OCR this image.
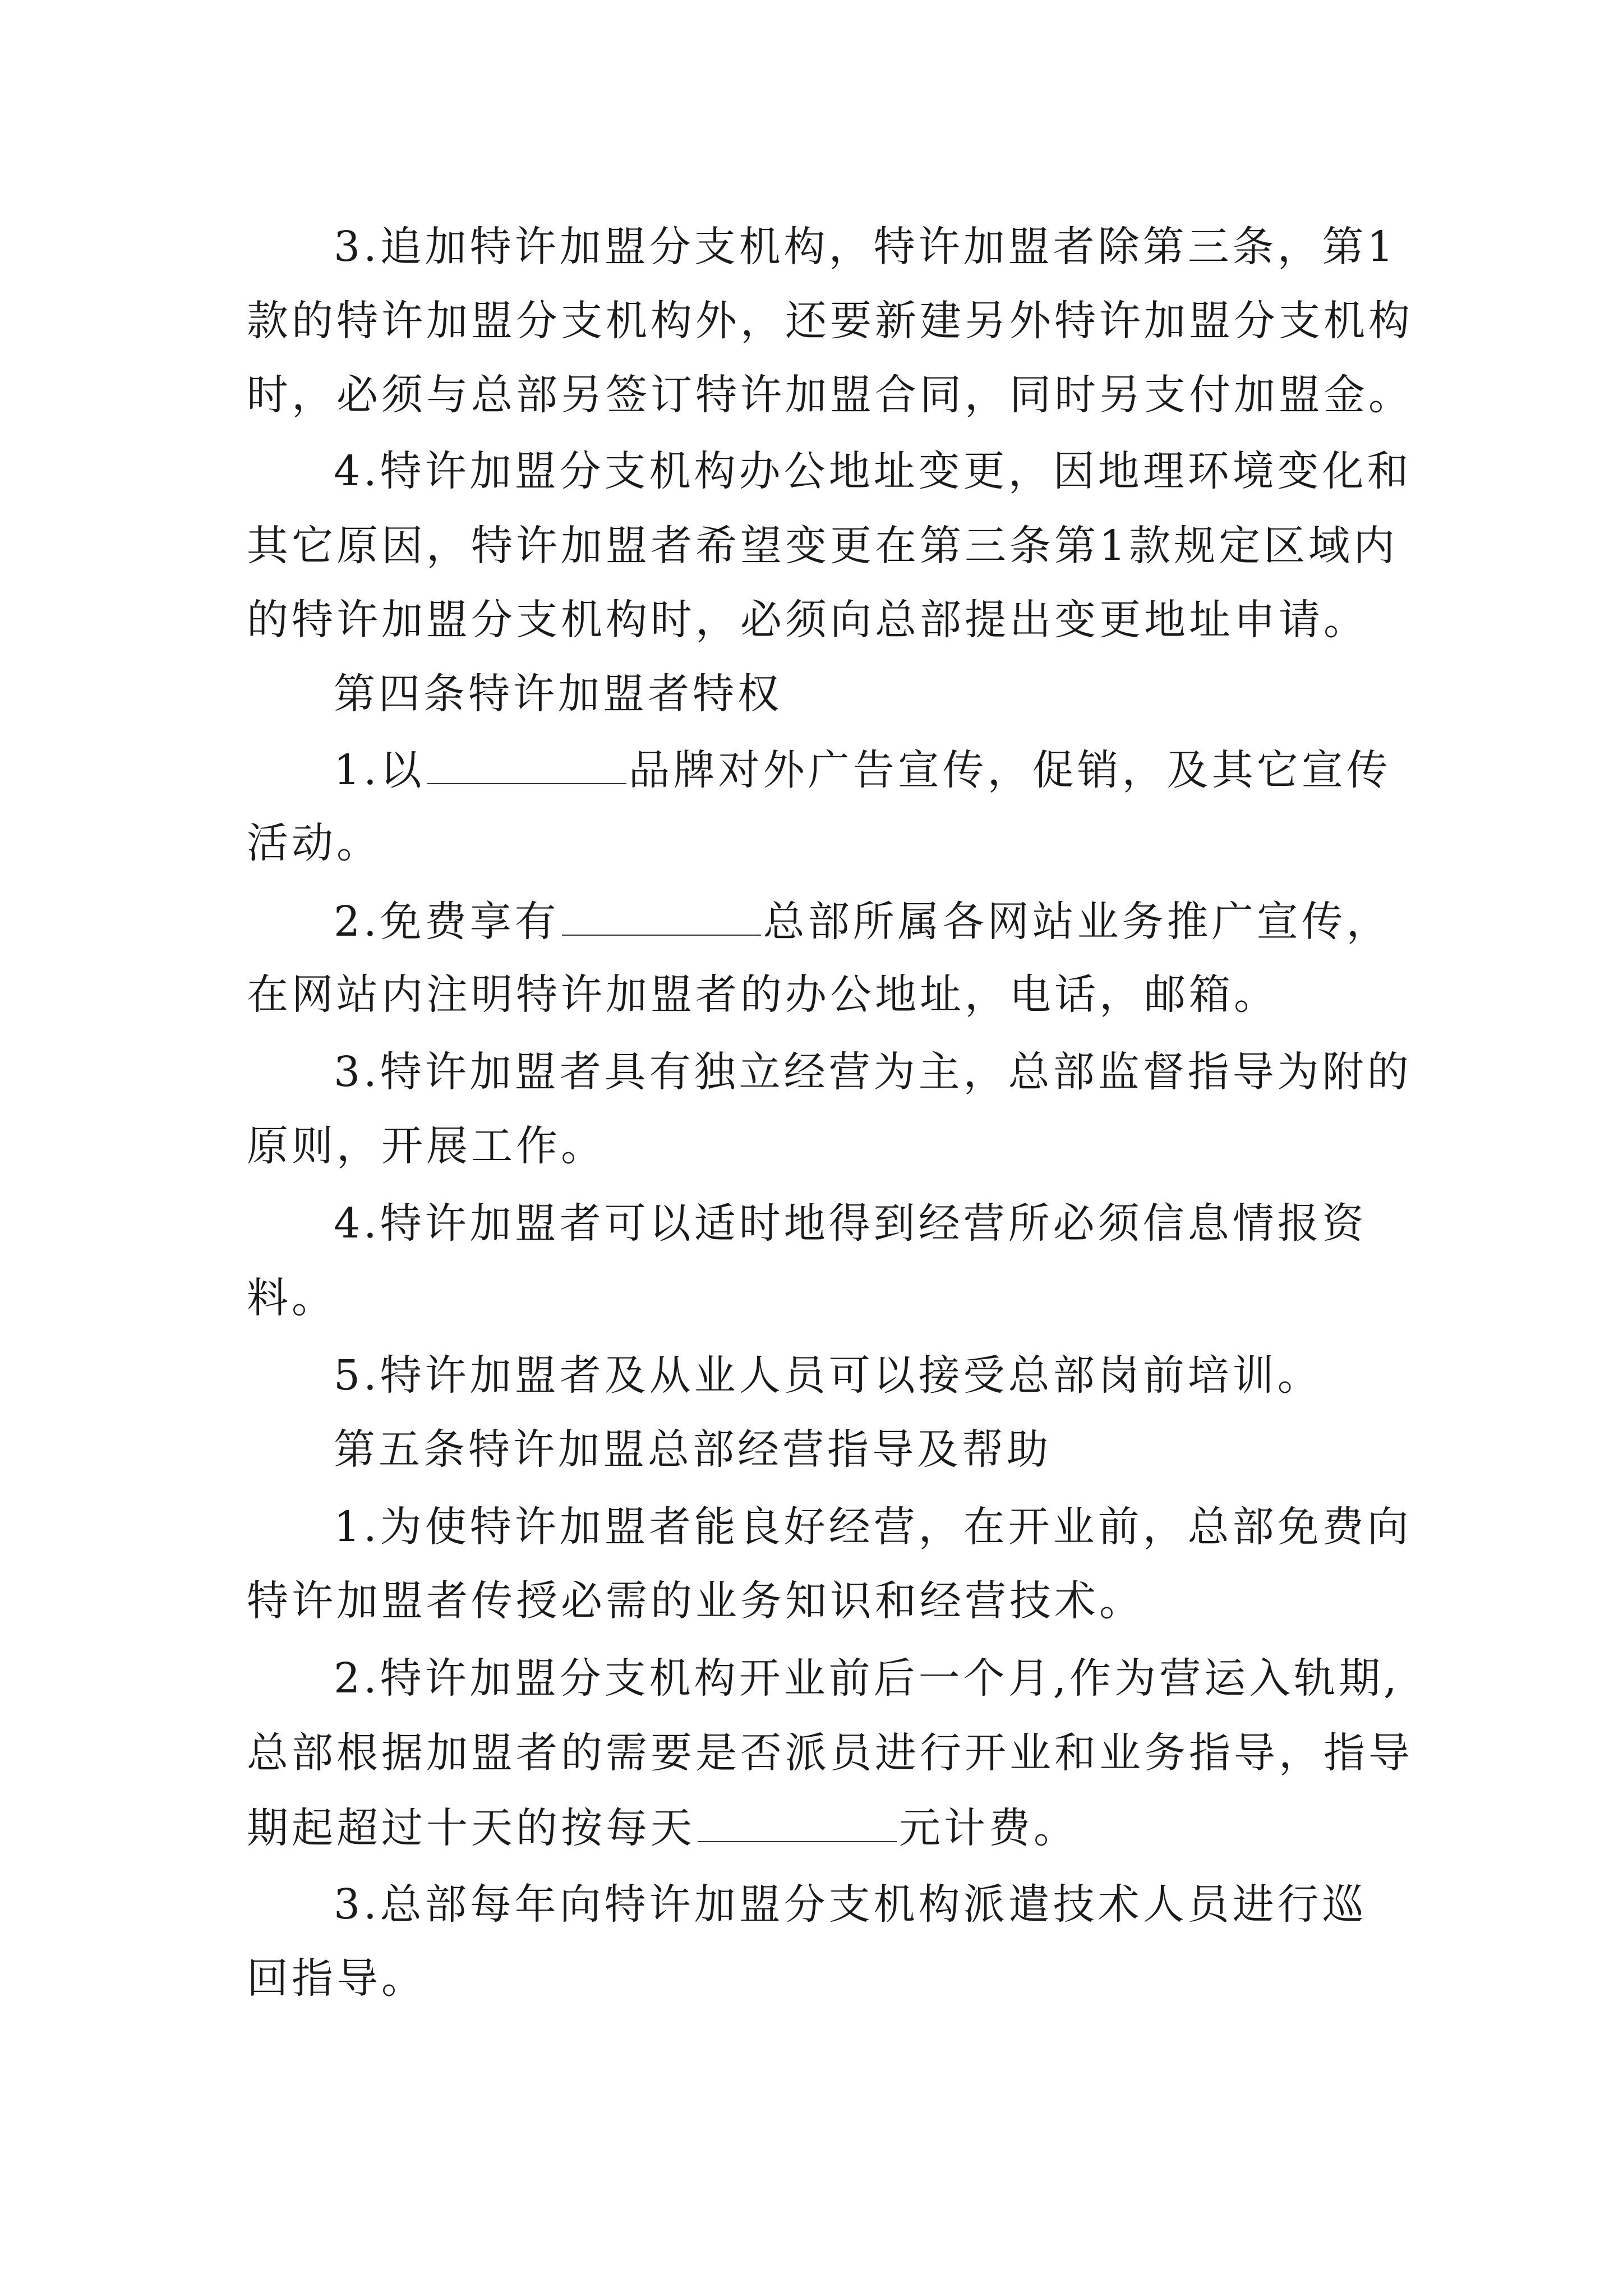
3.追加特许加盟分支机构，特许加盟者除第三条，第1
款的特许加盟分支机构外，还要新建另外特许加盟分支机构
时，必须与总部另签订特许加盟合同，同时另支付加盟金。
4.特许加盟分支机构办公地址变更，因地理环境变化和
其它原因，特许加盟者希望变更在第三条第1款规定区域内
的特许加盟分支机构时，必须向总部提出变更地址申请。
第四条特许加盟者特权
1.以	品牌对外广告宣传，促销，及其它宣传
活动。
2.免费享有	总部所属各网站业务推广宣传，
在网站内注明特许加盟者的办公地址，电话，邮箱。
3.特许加盟者具有独立经营为主，总部监督指导为附的
原则，开展工作。
4.特许加盟者可以适时地得到经营所必须信息情报资
料。
5.特许加盟者及从业人员可以接受总部岗前培训。
第五条特许加盟总部经营指导及帮助
1.为使特许加盟者能良好经营，在开业前，总部免费向
特许加盟者传授必需的业务知识和经营技术。
2.特许加盟分支机构开业前后一个月,作为营运入轨期,
总部根据加盟者的需要是否派员进行开业和业务指导，指导
期起超过十天的按每天	元计费。
3.总部每年向特许加盟分支机构派遣技术人员进行巡
回指导。
